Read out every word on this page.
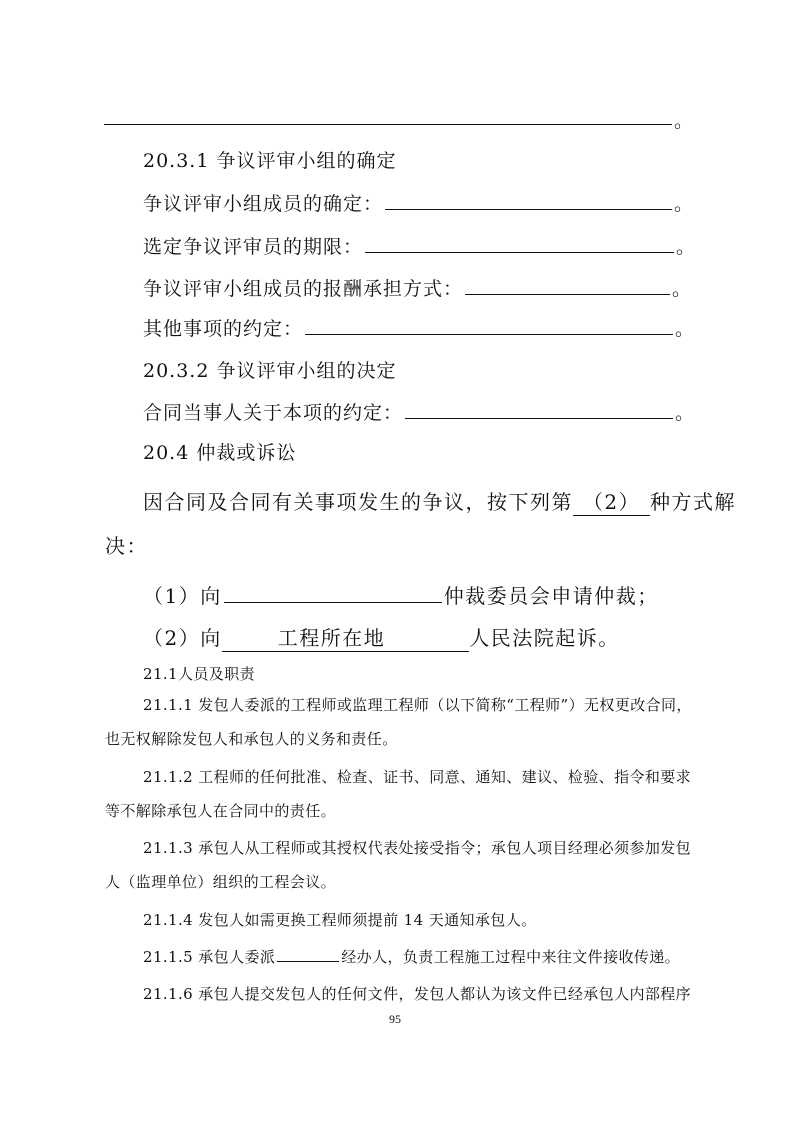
。
20.3.1 争议评审小组的确定
争议评审小组成员的确定：	。
选定争议评审员的期限：	。
争议评审小组成员的报酬承担方式：	。
其他事项的约定：	。
20.3.2 争议评审小组的决定
合同当事人关于本项的约定：	。
20.4 仲裁或诉讼
因合同及合同有关事项发生的争议，按下列第 （2） 种方式解
决：
（1）向	仲裁委员会申请仲裁；
（2）向	工程所在地	人民法院起诉。
21.1人员及职责
21.1.1 发包人委派的工程师或监理工程师（以下简称“工程师”）无权更改合同，
也无权解除发包人和承包人的义务和责任。
21.1.2 工程师的任何批准、检查、证书、同意、通知、建议、检验、指令和要求
等不解除承包人在合同中的责任。
21.1.3 承包人从工程师或其授权代表处接受指令；承包人项目经理必须参加发包
人（监理单位）组织的工程会议。
21.1.4 发包人如需更换工程师须提前 14 天通知承包人。
21.1.5 承包人委派	经办人，负责工程施工过程中来往文件接收传递。
21.1.6 承包人提交发包人的任何文件，发包人都认为该文件已经承包人内部程序
95
